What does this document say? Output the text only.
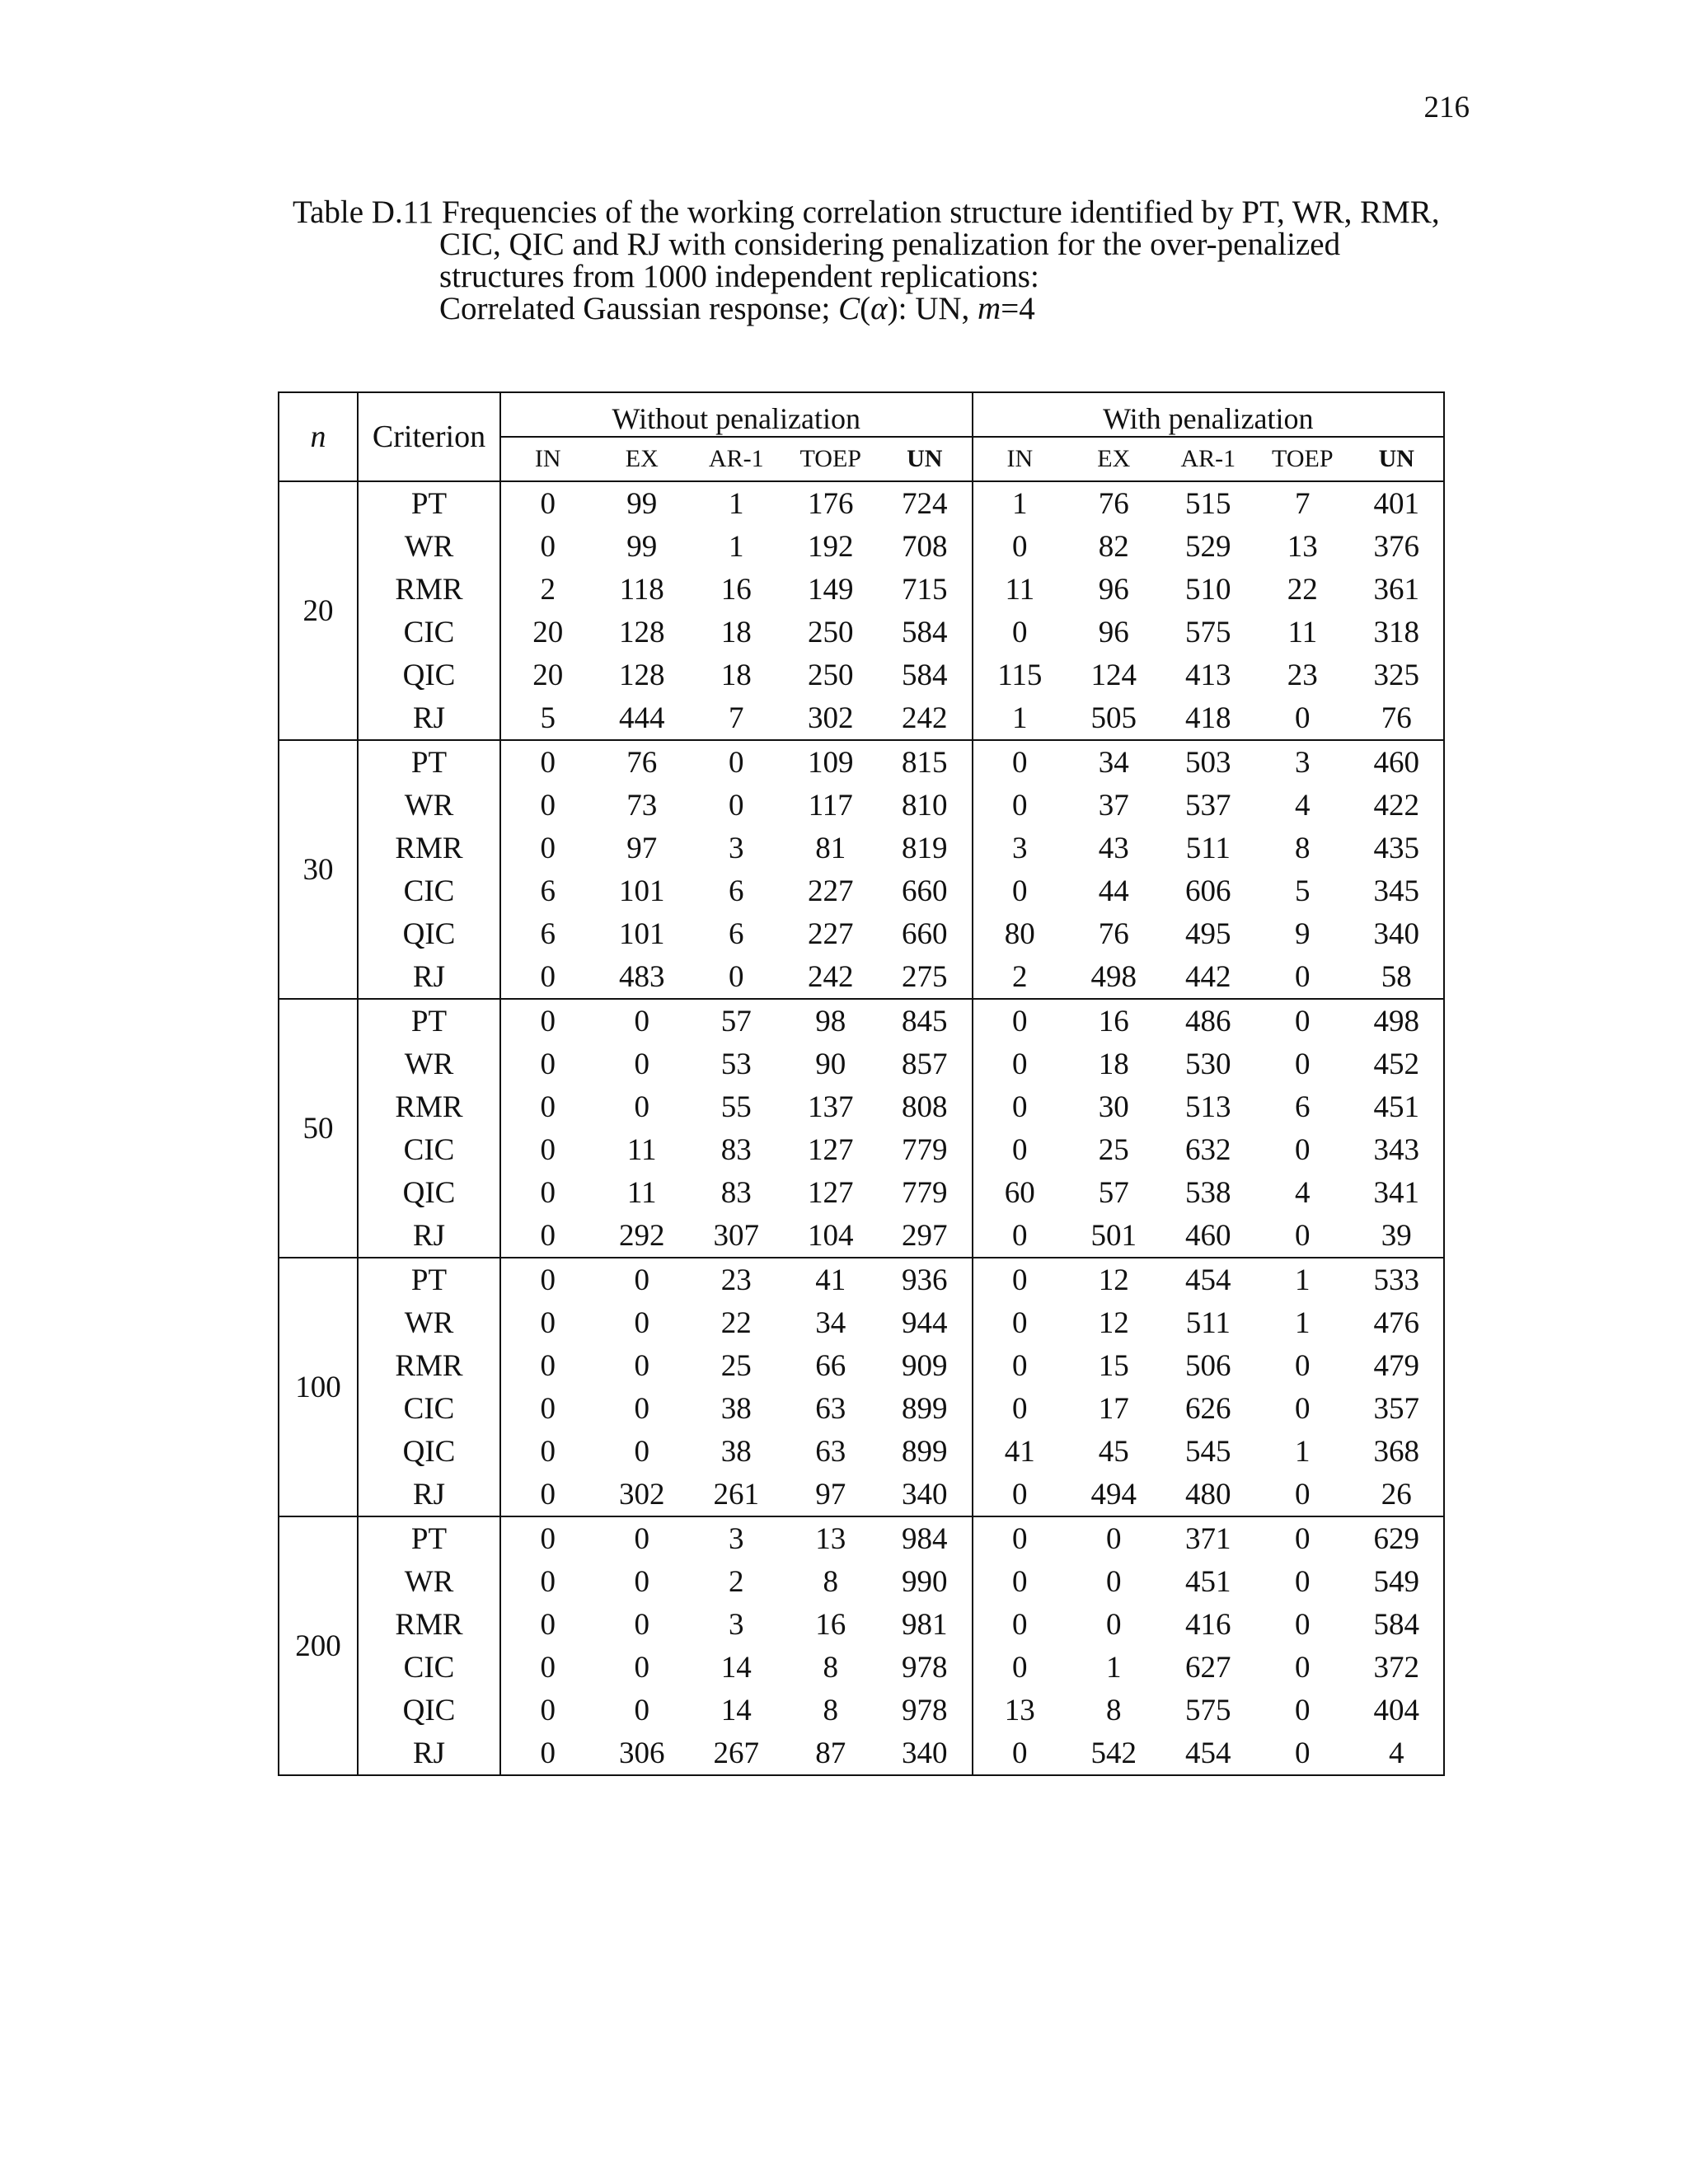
216
Table D.11 Frequencies of the working correlation structure identified by PT, WR, RMR,
CIC, QIC and RJ with considering penalization for the over-penalized
structures from 1000 independent replications:
Correlated Gaussian response; C(α): UN, m=4
n	Criterion	Without penalization					With penalization				
		IN	EX	AR-1	TOEP	UN	IN	EX	AR-1	TOEP	UN
20	PT	0	99	1	176	724	1	76	515	7	401
	WR	0	99	1	192	708	0	82	529	13	376
	RMR	2	118	16	149	715	11	96	510	22	361
	CIC	20	128	18	250	584	0	96	575	11	318
	QIC	20	128	18	250	584	115	124	413	23	325
	RJ	5	444	7	302	242	1	505	418	0	76
30	PT	0	76	0	109	815	0	34	503	3	460
	WR	0	73	0	117	810	0	37	537	4	422
	RMR	0	97	3	81	819	3	43	511	8	435
	CIC	6	101	6	227	660	0	44	606	5	345
	QIC	6	101	6	227	660	80	76	495	9	340
	RJ	0	483	0	242	275	2	498	442	0	58
50	PT	0	0	57	98	845	0	16	486	0	498
	WR	0	0	53	90	857	0	18	530	0	452
	RMR	0	0	55	137	808	0	30	513	6	451
	CIC	0	11	83	127	779	0	25	632	0	343
	QIC	0	11	83	127	779	60	57	538	4	341
	RJ	0	292	307	104	297	0	501	460	0	39
100	PT	0	0	23	41	936	0	12	454	1	533
	WR	0	0	22	34	944	0	12	511	1	476
	RMR	0	0	25	66	909	0	15	506	0	479
	CIC	0	0	38	63	899	0	17	626	0	357
	QIC	0	0	38	63	899	41	45	545	1	368
	RJ	0	302	261	97	340	0	494	480	0	26
200	PT	0	0	3	13	984	0	0	371	0	629
	WR	0	0	2	8	990	0	0	451	0	549
	RMR	0	0	3	16	981	0	0	416	0	584
	CIC	0	0	14	8	978	0	1	627	0	372
	QIC	0	0	14	8	978	13	8	575	0	404
	RJ	0	306	267	87	340	0	542	454	0	4
